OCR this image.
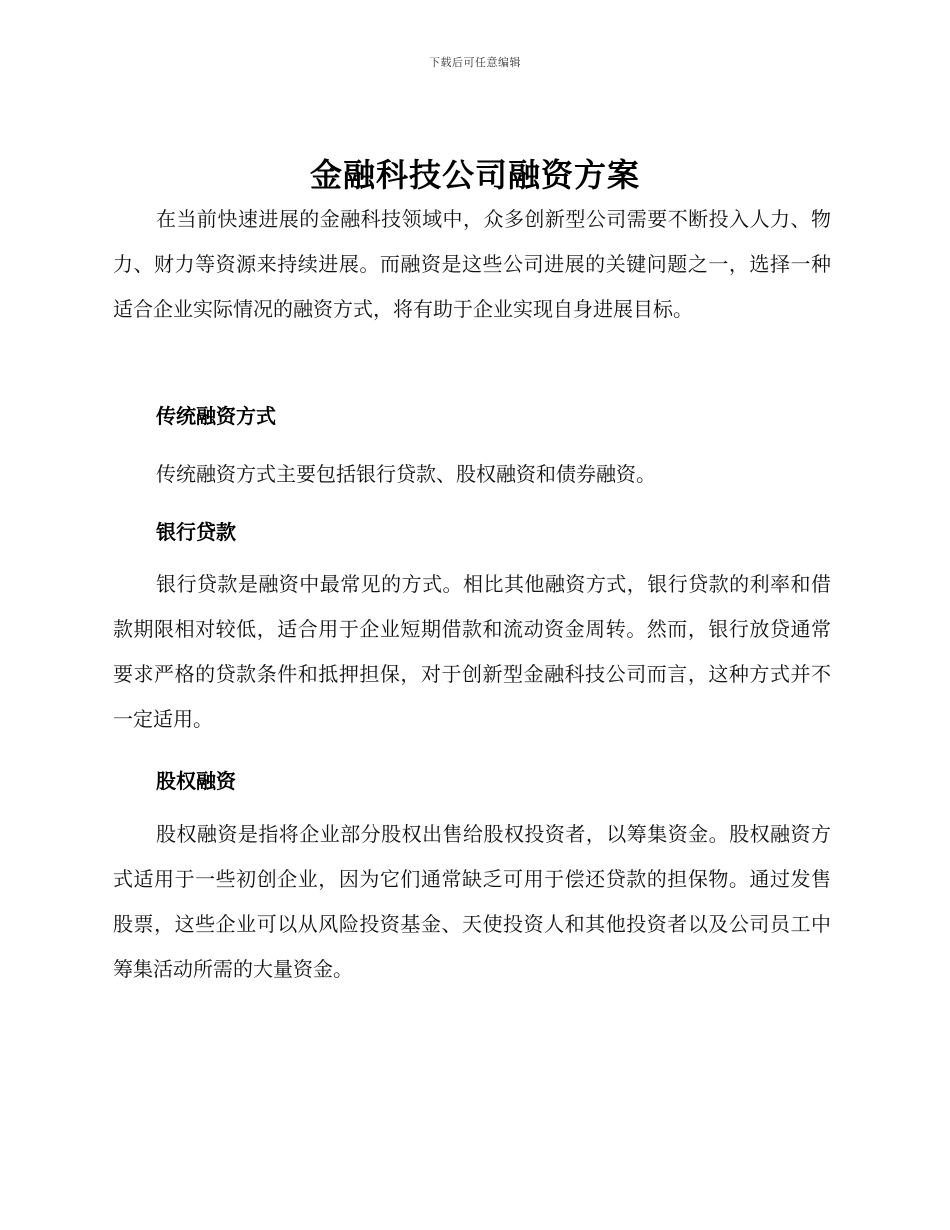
下载后可任意编辑
金融科技公司融资方案

在当前快速进展的金融科技领域中，众多创新型公司需要不断投入人力、物力、财力等资源来持续进展。而融资是这些公司进展的关键问题之一，选择一种适合企业实际情况的融资方式，将有助于企业实现自身进展目标。

传统融资方式

传统融资方式主要包括银行贷款、股权融资和债券融资。

银行贷款

银行贷款是融资中最常见的方式。相比其他融资方式，银行贷款的利率和借款期限相对较低，适合用于企业短期借款和流动资金周转。然而，银行放贷通常要求严格的贷款条件和抵押担保，对于创新型金融科技公司而言，这种方式并不一定适用。

股权融资

股权融资是指将企业部分股权出售给股权投资者，以筹集资金。股权融资方式适用于一些初创企业，因为它们通常缺乏可用于偿还贷款的担保物。通过发售股票，这些企业可以从风险投资基金、天使投资人和其他投资者以及公司员工中筹集活动所需的大量资金。
